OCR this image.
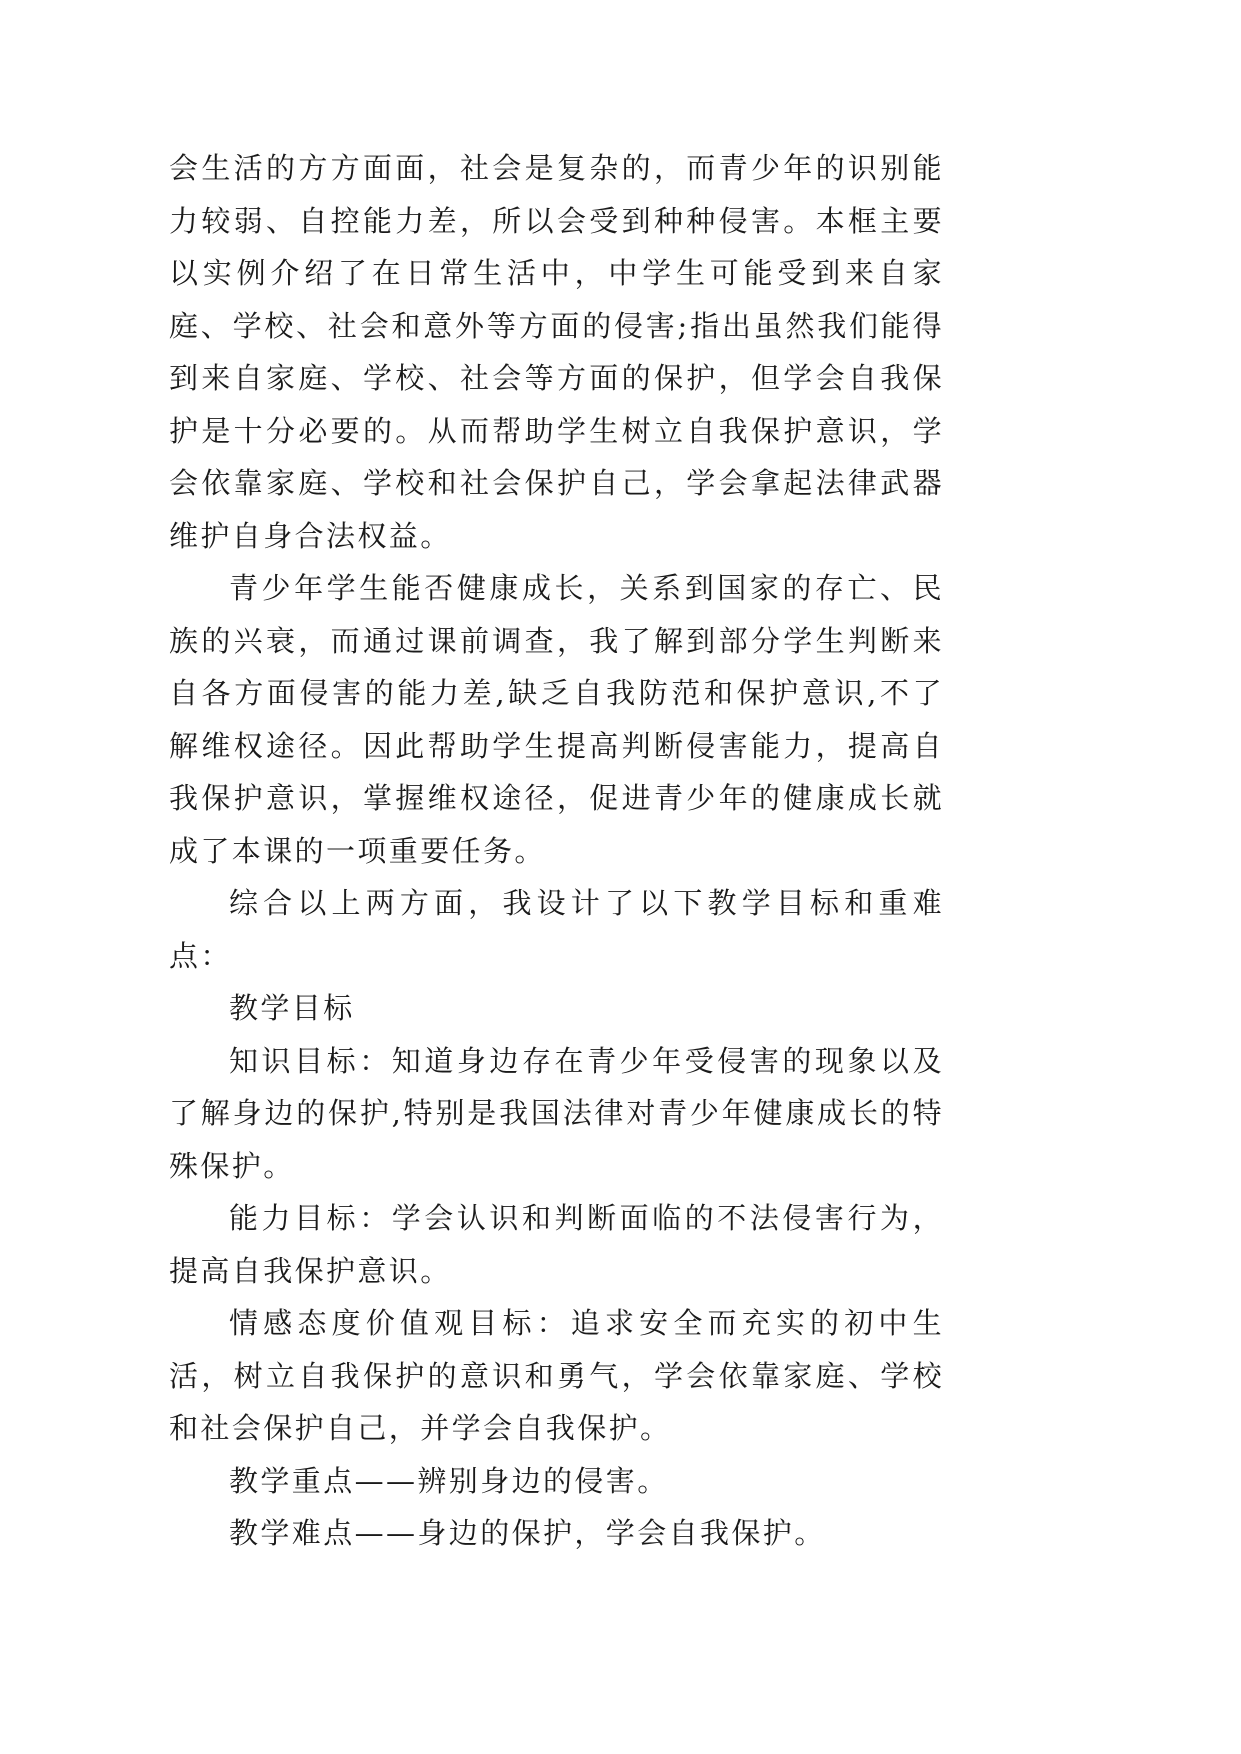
会生活的方方面面，社会是复杂的，而青少年的识别能力较弱、自控能力差，所以会受到种种侵害。本框主要以实例介绍了在日常生活中，中学生可能受到来自家庭、学校、社会和意外等方面的侵害;指出虽然我们能得到来自家庭、学校、社会等方面的保护，但学会自我保护是十分必要的。从而帮助学生树立自我保护意识，学会依靠家庭、学校和社会保护自己，学会拿起法律武器维护自身合法权益。

青少年学生能否健康成长，关系到国家的存亡、民族的兴衰，而通过课前调查，我了解到部分学生判断来自各方面侵害的能力差,缺乏自我防范和保护意识,不了解维权途径。因此帮助学生提高判断侵害能力，提高自我保护意识，掌握维权途径，促进青少年的健康成长就成了本课的一项重要任务。

综合以上两方面，我设计了以下教学目标和重难点：

教学目标

知识目标：知道身边存在青少年受侵害的现象以及了解身边的保护,特别是我国法律对青少年健康成长的特殊保护。

能力目标：学会认识和判断面临的不法侵害行为，提高自我保护意识。

情感态度价值观目标：追求安全而充实的初中生活，树立自我保护的意识和勇气，学会依靠家庭、学校和社会保护自己，并学会自我保护。

教学重点——辨别身边的侵害。

教学难点——身边的保护，学会自我保护。
